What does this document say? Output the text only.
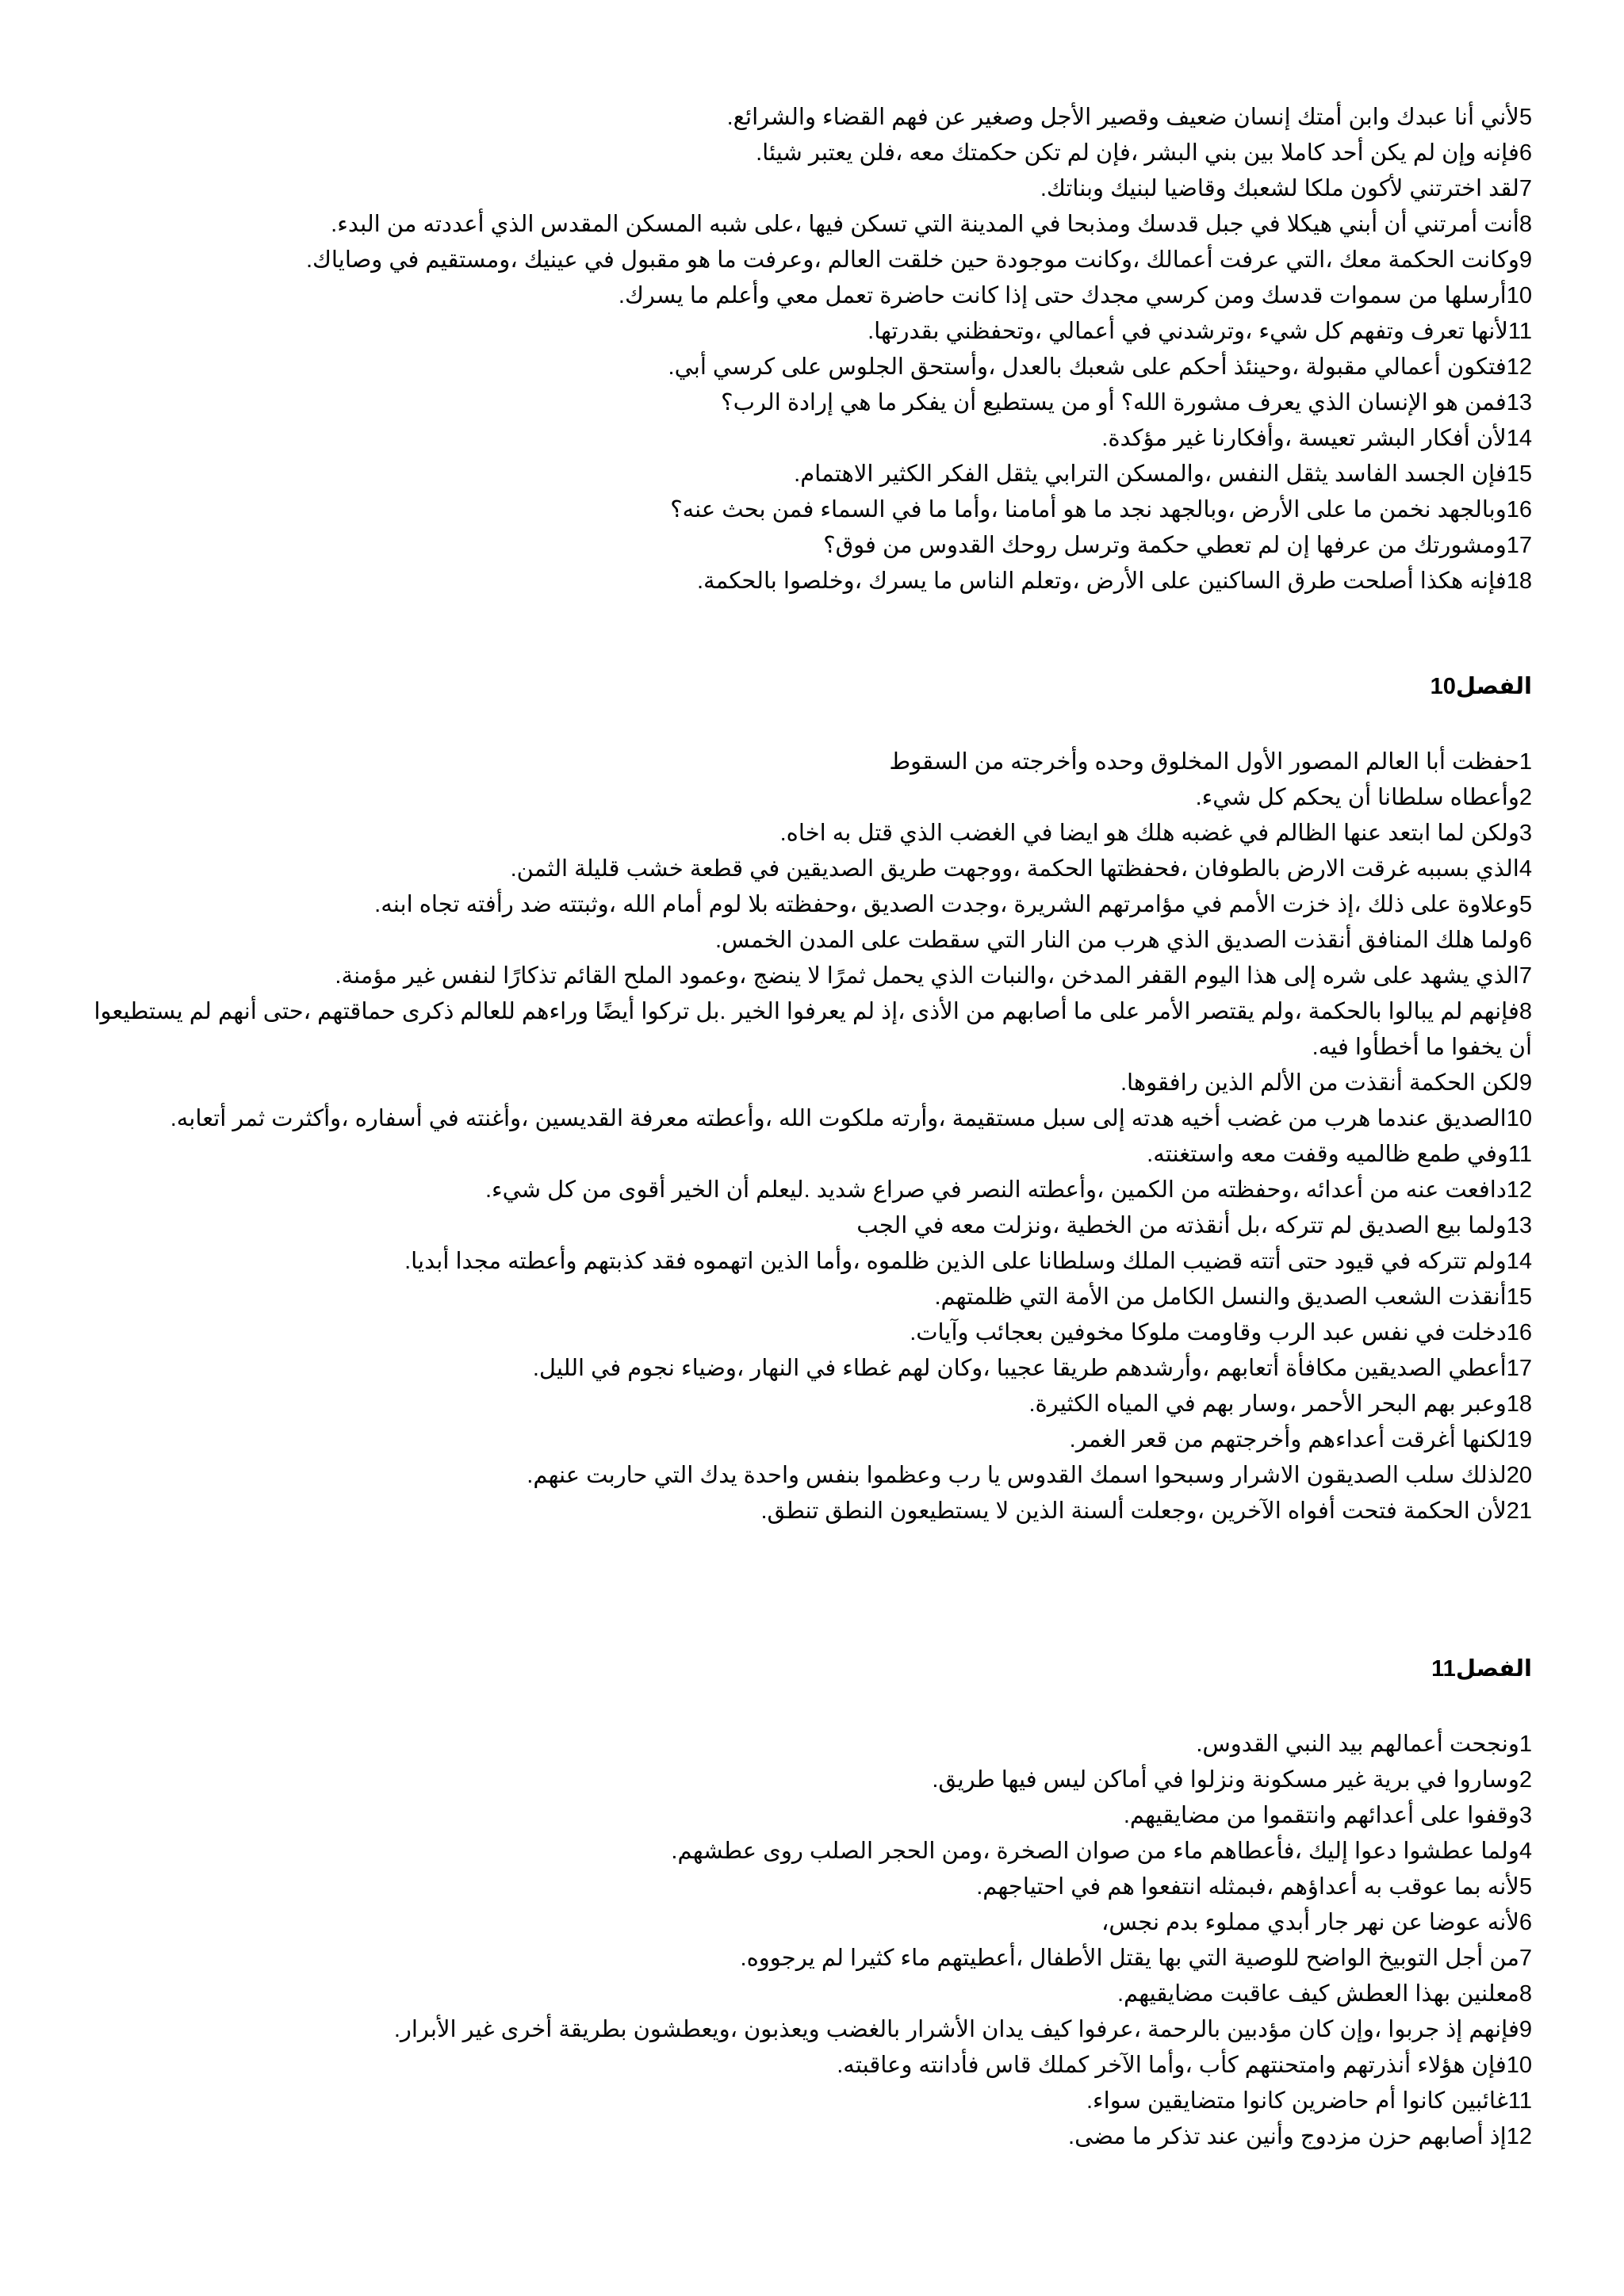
5لأني أنا عبدك وابن أمتك إنسان ضعيف وقصير الأجل وصغير عن فهم القضاء والشرائع.

6فإنه وإن لم يكن أحد كاملا بين بني البشر ،فإن لم تكن حكمتك معه ،فلن يعتبر شيئا.

7لقد اخترتني لأكون ملكا لشعبك وقاضيا لبنيك وبناتك.

8أنت أمرتني أن أبني هيكلا في جبل قدسك ومذبحا في المدينة التي تسكن فيها ،على شبه المسكن المقدس الذي أعددته من البدء.

9وكانت الحكمة معك ،التي عرفت أعمالك ،وكانت موجودة حين خلقت العالم ،وعرفت ما هو مقبول في عينيك ،ومستقيم في وصاياك.

10أرسلها من سموات قدسك ومن كرسي مجدك حتى إذا كانت حاضرة تعمل معي وأعلم ما يسرك.

11لأنها تعرف وتفهم كل شيء ،وترشدني في أعمالي ،وتحفظني بقدرتها.

12فتكون أعمالي مقبولة ،وحينئذ أحكم على شعبك بالعدل ،وأستحق الجلوس على كرسي أبي.

13فمن هو الإنسان الذي يعرف مشورة الله؟ أو من يستطيع أن يفكر ما هي إرادة الرب؟

14لأن أفكار البشر تعيسة ،وأفكارنا غير مؤكدة.

15فإن الجسد الفاسد يثقل النفس ،والمسكن الترابي يثقل الفكر الكثير الاهتمام.

16وبالجهد نخمن ما على الأرض ،وبالجهد نجد ما هو أمامنا ،وأما ما في السماء فمن بحث عنه؟

17ومشورتك من عرفها إن لم تعطي حكمة وترسل روحك القدوس من فوق؟

18فإنه هكذا أصلحت طرق الساكنين على الأرض ،وتعلم الناس ما يسرك ،وخلصوا بالحكمة.

الفصل10

1حفظت أبا العالم المصور الأول المخلوق وحده وأخرجته من السقوط

2وأعطاه سلطانا أن يحكم كل شيء.

3ولكن لما ابتعد عنها الظالم في غضبه هلك هو ايضا في الغضب الذي قتل به اخاه.

4الذي بسببه غرقت الارض بالطوفان ،فحفظتها الحكمة ،ووجهت طريق الصديقين في قطعة خشب قليلة الثمن.

5وعلاوة على ذلك ،إذ خزت الأمم في مؤامرتهم الشريرة ،وجدت الصديق ،وحفظته بلا لوم أمام الله ،وثبتته ضد رأفته تجاه ابنه.

6ولما هلك المنافق أنقذت الصديق الذي هرب من النار التي سقطت على المدن الخمس.

7الذي يشهد على شره إلى هذا اليوم القفر المدخن ،والنبات الذي يحمل ثمرًا لا ينضج ،وعمود الملح القائم تذكارًا لنفس غير مؤمنة.

8فإنهم لم يبالوا بالحكمة ،ولم يقتصر الأمر على ما أصابهم من الأذى ،إذ لم يعرفوا الخير .بل تركوا أيضًا وراءهم للعالم ذكرى حماقتهم ،حتى أنهم لم يستطيعوا أن يخفوا ما أخطأوا فيه.

9لكن الحكمة أنقذت من الألم الذين رافقوها.

10الصديق عندما هرب من غضب أخيه هدته إلى سبل مستقيمة ،وأرته ملكوت الله ،وأعطته معرفة القديسين ،وأغنته في أسفاره ،وأكثرت ثمر أتعابه.

11وفي طمع ظالميه وقفت معه واستغنته.

12دافعت عنه من أعدائه ،وحفظته من الكمين ،وأعطته النصر في صراع شديد .ليعلم أن الخير أقوى من كل شيء.

13ولما بيع الصديق لم تتركه ،بل أنقذته من الخطية ،ونزلت معه في الجب

14ولم تتركه في قيود حتى أتته قضيب الملك وسلطانا على الذين ظلموه ،وأما الذين اتهموه فقد كذبتهم وأعطته مجدا أبديا.

15أنقذت الشعب الصديق والنسل الكامل من الأمة التي ظلمتهم.

16دخلت في نفس عبد الرب وقاومت ملوكا مخوفين بعجائب وآيات.

17أعطي الصديقين مكافأة أتعابهم ،وأرشدهم طريقا عجيبا ،وكان لهم غطاء في النهار ،وضياء نجوم في الليل.

18وعبر بهم البحر الأحمر ،وسار بهم في المياه الكثيرة.

19لكنها أغرقت أعداءهم وأخرجتهم من قعر الغمر.

20لذلك سلب الصديقون الاشرار وسبحوا اسمك القدوس يا رب وعظموا بنفس واحدة يدك التي حاربت عنهم.

21لأن الحكمة فتحت أفواه الآخرين ،وجعلت ألسنة الذين لا يستطيعون النطق تنطق.

الفصل11

1ونجحت أعمالهم بيد النبي القدوس.

2وساروا في برية غير مسكونة ونزلوا في أماكن ليس فيها طريق.

3وقفوا على أعدائهم وانتقموا من مضايقيهم.

4ولما عطشوا دعوا إليك ،فأعطاهم ماء من صوان الصخرة ،ومن الحجر الصلب روى عطشهم.

5لأنه بما عوقب به أعداؤهم ،فبمثله انتفعوا هم في احتياجهم.

6لأنه عوضا عن نهر جار أبدي مملوء بدم نجس،

7من أجل التوبيخ الواضح للوصية التي بها يقتل الأطفال ،أعطيتهم ماء كثيرا لم يرجووه.

8معلنين بهذا العطش كيف عاقبت مضايقيهم.

9فإنهم إذ جربوا ،وإن كان مؤدبين بالرحمة ،عرفوا كيف يدان الأشرار بالغضب ويعذبون ،ويعطشون بطريقة أخرى غير الأبرار.

10فإن هؤلاء أنذرتهم وامتحنتهم كأب ،وأما الآخر كملك قاس فأدانته وعاقبته.

11غائبين كانوا أم حاضرين كانوا متضايقين سواء.

12إذ أصابهم حزن مزدوج وأنين عند تذكر ما مضى.
